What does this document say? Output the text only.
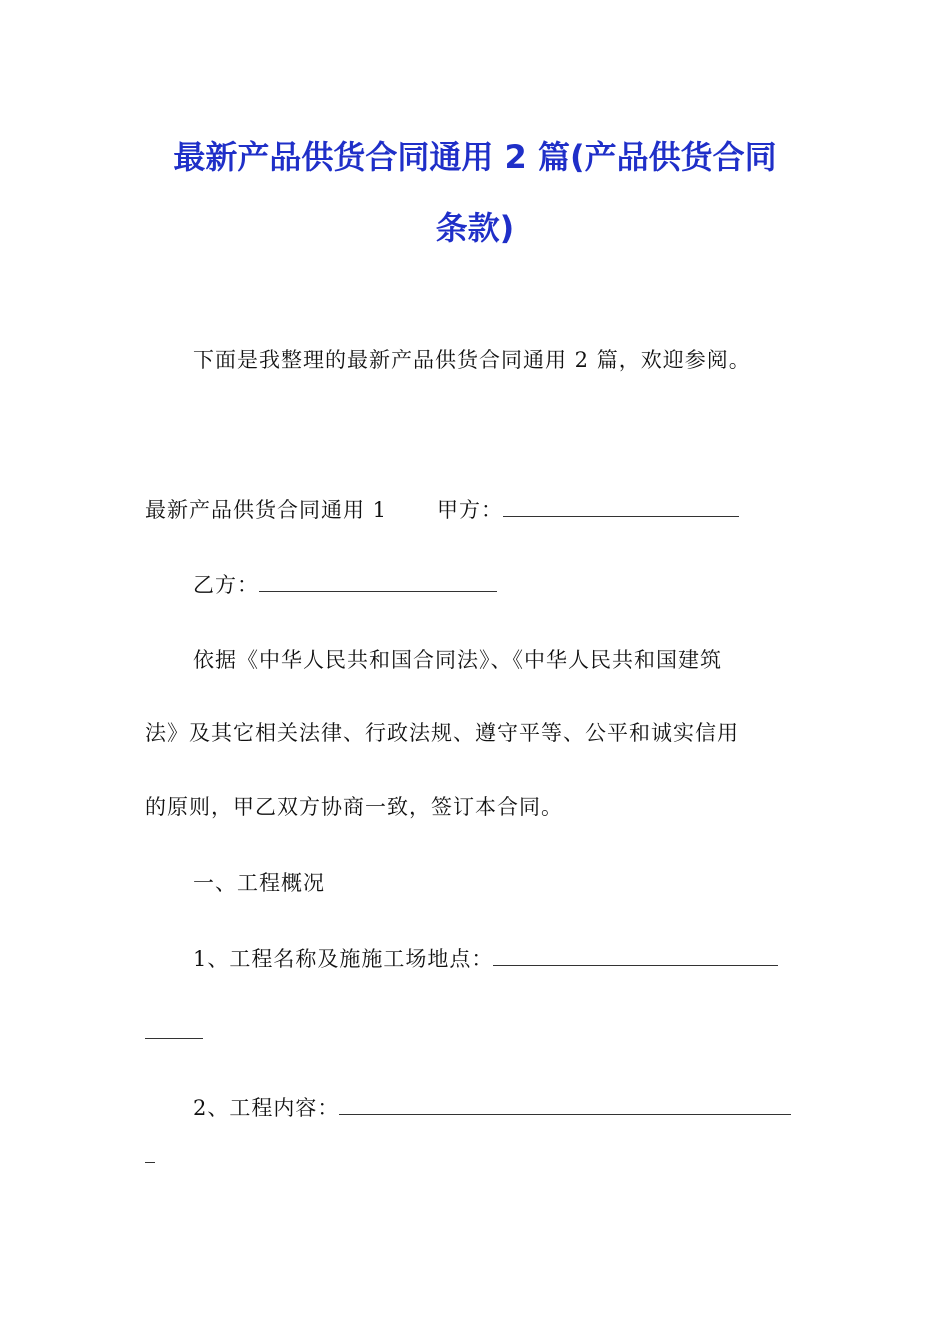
最新产品供货合同通用 2 篇(产品供货合同
条款)
下面是我整理的最新产品供货合同通用 2 篇，欢迎参阅。
最新产品供货合同通用 1 甲方：
乙方：
依据《中华人民共和国合同法》、《中华人民共和国建筑
法》及其它相关法律、行政法规、遵守平等、公平和诚实信用
的原则，甲乙双方协商一致，签订本合同。
一、工程概况
1、工程名称及施施工场地点：
2、工程内容：
